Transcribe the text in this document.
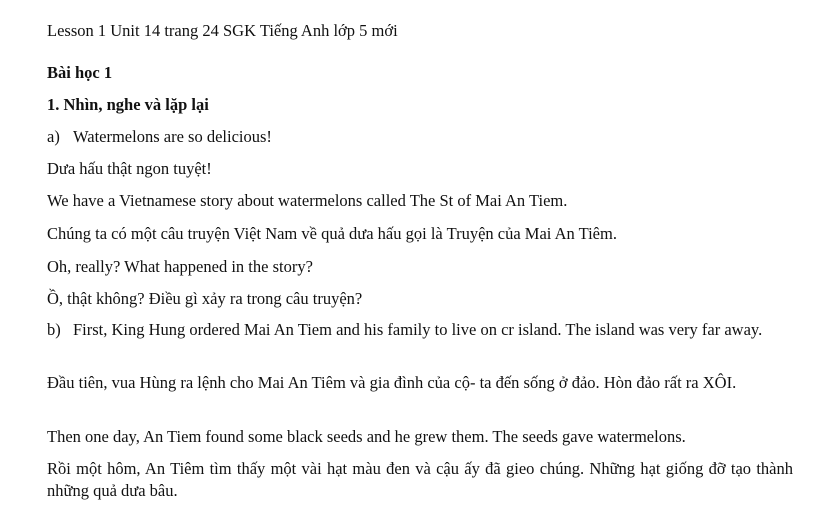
Lesson 1 Unit 14 trang 24 SGK Tiếng Anh lớp 5 mới

Bài học 1

1. Nhìn, nghe và lặp lại

a) Watermelons are so delicious!

Dưa hấu thật ngon tuyệt!

We have a Vietnamese story about watermelons called The St of Mai An Tiem.

Chúng ta có một câu truyện Việt Nam về quả dưa hấu gọi là Truyện của Mai An Tiêm.

Oh, really? What happened in the story?

Ồ, thật không? Điều gì xảy ra trong câu truyện?

b) First, King Hung ordered Mai An Tiem and his family to live on cr island. The island was very far away.

Đầu tiên, vua Hùng ra lệnh cho Mai An Tiêm và gia đình của cộ- ta đến sống ở đảo. Hòn đảo rất ra XÔI.

Then one day, An Tiem found some black seeds and he grew them. The seeds gave watermelons.

Rồi một hôm, An Tiêm tìm thấy một vài hạt màu đen và cậu ấy đã gieo chúng. Những hạt giống đỡ tạo thành những quả dưa bâu.
